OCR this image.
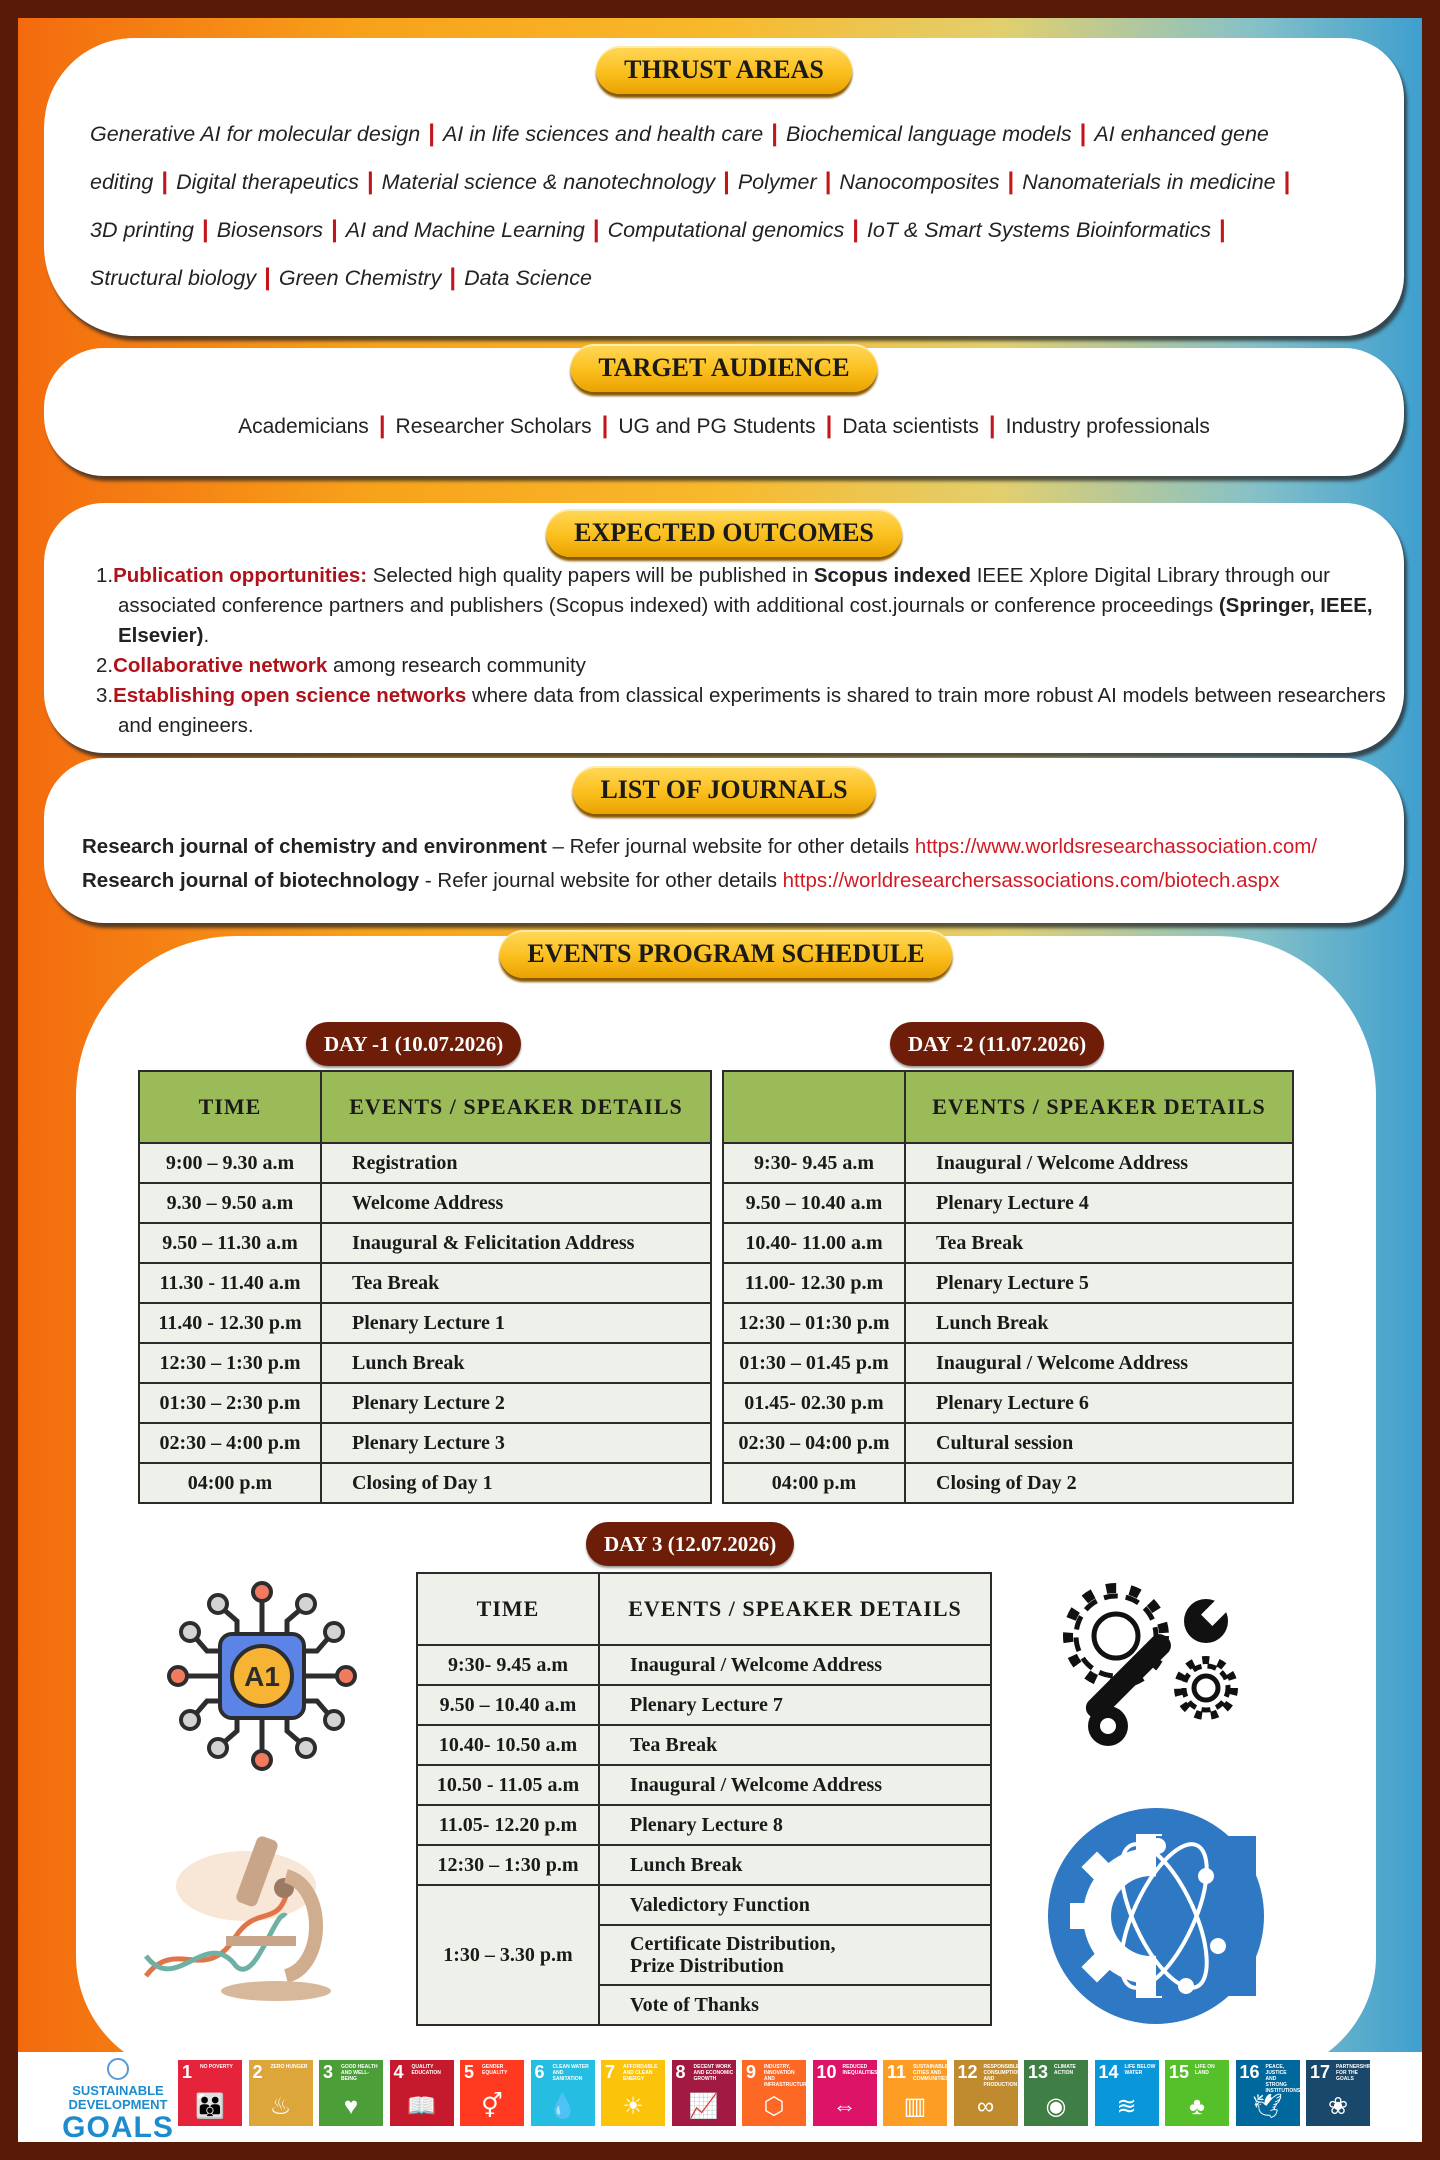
THRUST AREAS
Generative AI for molecular design | AI in life sciences and health care | Biochemical language models | AI enhanced gene editing | Digital therapeutics | Material science & nanotechnology | Polymer | Nanocomposites | Nanomaterials in medicine |
3D printing | Biosensors | AI and Machine Learning | Computational genomics | IoT & Smart Systems Bioinformatics |
Structural biology | Green Chemistry | Data Science
TARGET AUDIENCE
Academicians | Researcher Scholars | UG and PG Students | Data scientists | Industry professionals
EXPECTED OUTCOMES
1.Publication opportunities: Selected high quality papers will be published in Scopus indexed IEEE Xplore Digital Library through our associated conference partners and publishers (Scopus indexed) with additional cost.journals or conference proceedings (Springer, IEEE, Elsevier).
2.Collaborative network among research community
3.Establishing open science networks where data from classical experiments is shared to train more robust AI models between researchers and engineers.
LIST OF JOURNALS
Research journal of chemistry and environment – Refer journal website for other details https://www.worldsresearchassociation.com/
Research journal of biotechnology - Refer journal website for other details https://worldresearchersassociations.com/biotech.aspx
EVENTS PROGRAM SCHEDULE
DAY -1 (10.07.2026)
TIME	EVENTS / SPEAKER DETAILS
9:00 – 9.30 a.m	Registration
9.30 – 9.50 a.m	Welcome Address
9.50 – 11.30 a.m	Inaugural & Felicitation Address
11.30 - 11.40 a.m	Tea Break
11.40 - 12.30 p.m	Plenary Lecture 1
12:30 – 1:30 p.m	Lunch Break
01:30 – 2:30 p.m	Plenary Lecture 2
02:30 – 4:00 p.m	Plenary Lecture 3
04:00 p.m	Closing of Day 1
DAY -2 (11.07.2026)
	EVENTS / SPEAKER DETAILS
9:30- 9.45 a.m	Inaugural / Welcome Address
9.50 – 10.40 a.m	Plenary Lecture 4
10.40- 11.00 a.m	Tea Break
11.00- 12.30 p.m	Plenary Lecture 5
12:30 – 01:30 p.m	Lunch Break
01:30 – 01.45 p.m	Inaugural / Welcome Address
01.45- 02.30 p.m	Plenary Lecture 6
02:30 – 04:00 p.m	Cultural session
04:00 p.m	Closing of Day 2
DAY 3 (12.07.2026)
TIME	EVENTS / SPEAKER DETAILS
9:30- 9.45 a.m	Inaugural / Welcome Address
9.50 – 10.40 a.m	Plenary Lecture 7
10.40- 10.50 a.m	Tea Break
10.50 - 11.05 a.m	Inaugural / Welcome Address
11.05- 12.20 p.m	Plenary Lecture 8
12:30 – 1:30 p.m	Lunch Break
1:30 – 3.30 p.m	Valedictory Function

	Certificate Distribution,
Prize Distribution

	Vote of Thanks
A1
SUSTAINABLE
DEVELOPMENT
GOALS
1 NO POVERTY
👪
2 ZERO HUNGER
♨
3 GOOD HEALTH AND WELL-BEING
♥
4 QUALITY EDUCATION
📖
5 GENDER EQUALITY
⚥
6 CLEAN WATER AND SANITATION
💧
7 AFFORDABLE AND CLEAN ENERGY
☀
8 DECENT WORK AND ECONOMIC GROWTH
📈
9 INDUSTRY, INNOVATION AND INFRASTRUCTURE
⬡
10 REDUCED INEQUALITIES
⇔
11 SUSTAINABLE CITIES AND COMMUNITIES
▥
12 RESPONSIBLE CONSUMPTION AND PRODUCTION
∞
13 CLIMATE ACTION
◉
14 LIFE BELOW WATER
≋
15 LIFE ON LAND
♣
16 PEACE, JUSTICE AND STRONG INSTITUTIONS
🕊
17 PARTNERSHIPS FOR THE GOALS
❀
